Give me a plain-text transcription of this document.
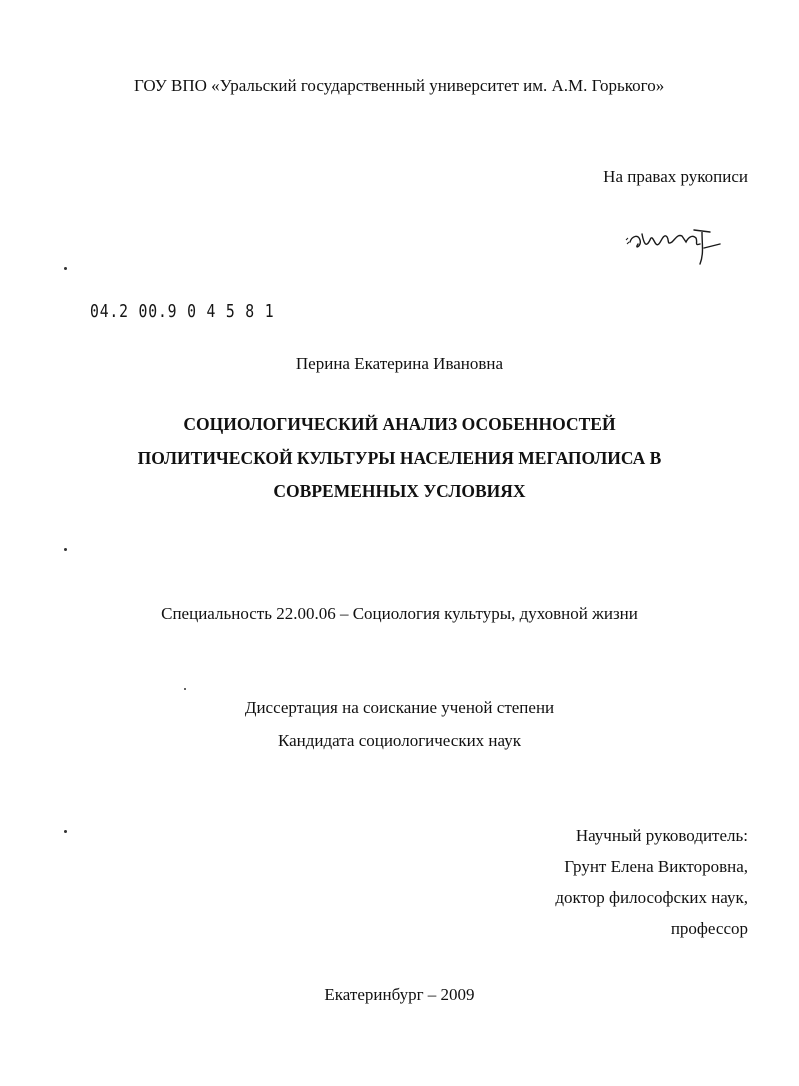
ГОУ ВПО «Уральский государственный университет им. А.М. Горького»
На правах рукописи
04.2 00.9 0 4 5 8 1
Перина Екатерина Ивановна
СОЦИОЛОГИЧЕСКИЙ АНАЛИЗ ОСОБЕННОСТЕЙ
ПОЛИТИЧЕСКОЙ КУЛЬТУРЫ НАСЕЛЕНИЯ МЕГАПОЛИСА В
СОВРЕМЕННЫХ УСЛОВИЯХ
Специальность 22.00.06 – Социология культуры, духовной жизни
Диссертация на соискание ученой степени
Кандидата социологических наук
Научный руководитель:
Грунт Елена Викторовна,
доктор философских наук,
профессор
Екатеринбург – 2009
